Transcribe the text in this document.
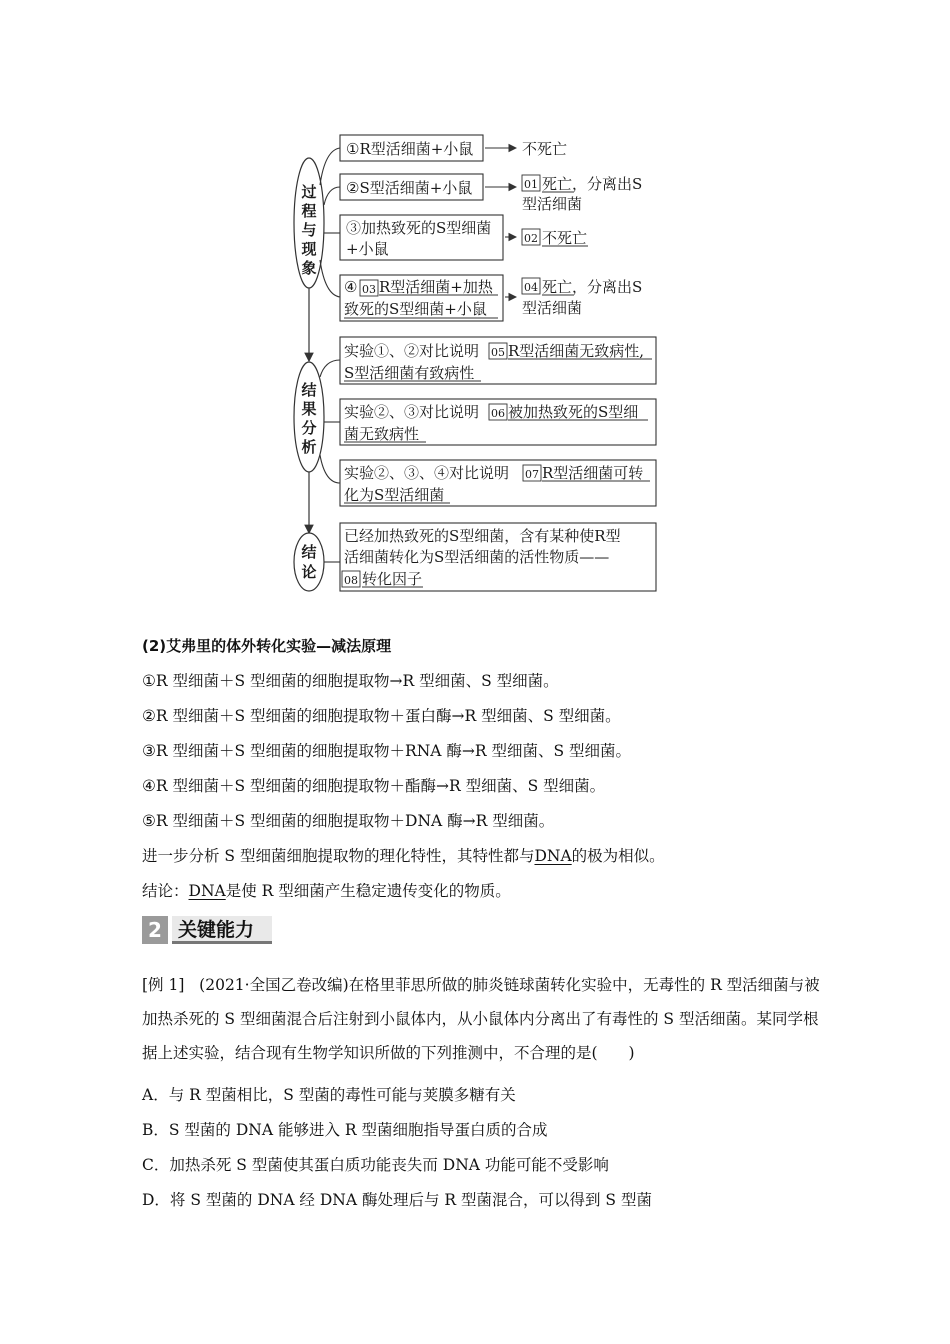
过程与现象
结果分析
结论
①R型活细菌+小鼠	不死亡
②S型活细菌+小鼠	01 死亡，分离出S
型活细菌
③加热致死的S型细菌
+小鼠
02 不死亡
④ 03 R型活细菌+加热
致死的S型细菌+小鼠
04 死亡，分离出S
型活细菌
实验①、②对比说明 05 R型活细菌无致病性,
S型活细菌有致病性
实验②、③对比说明 06 被加热致死的S型细
菌无致病性
实验②、③、④对比说明 07 R型活细菌可转
化为S型活细菌
已经加热致死的S型细菌，含有某种使R型
活细菌转化为S型活细菌的活性物质——
08 转化因子
(2)艾弗里的体外转化实验—减法原理
①R 型细菌＋S 型细菌的细胞提取物→R 型细菌、S 型细菌。
②R 型细菌＋S 型细菌的细胞提取物＋蛋白酶→R 型细菌、S 型细菌。
③R 型细菌＋S 型细菌的细胞提取物＋RNA 酶→R 型细菌、S 型细菌。
④R 型细菌＋S 型细菌的细胞提取物＋酯酶→R 型细菌、S 型细菌。
⑤R 型细菌＋S 型细菌的细胞提取物＋DNA 酶→R 型细菌。
进一步分析 S 型细菌细胞提取物的理化特性，其特性都与DNA的极为相似。
结论：DNA是使 R 型细菌产生稳定遗传变化的物质。
2 关键能力
[例 1] (2021·全国乙卷改编)在格里菲思所做的肺炎链球菌转化实验中，无毒性的 R 型活细菌与被加热杀死的 S 型细菌混合后注射到小鼠体内，从小鼠体内分离出了有毒性的 S 型活细菌。某同学根据上述实验，结合现有生物学知识所做的下列推测中，不合理的是(　　)
A．与 R 型菌相比，S 型菌的毒性可能与荚膜多糖有关
B．S 型菌的 DNA 能够进入 R 型菌细胞指导蛋白质的合成
C．加热杀死 S 型菌使其蛋白质功能丧失而 DNA 功能可能不受影响
D．将 S 型菌的 DNA 经 DNA 酶处理后与 R 型菌混合，可以得到 S 型菌
